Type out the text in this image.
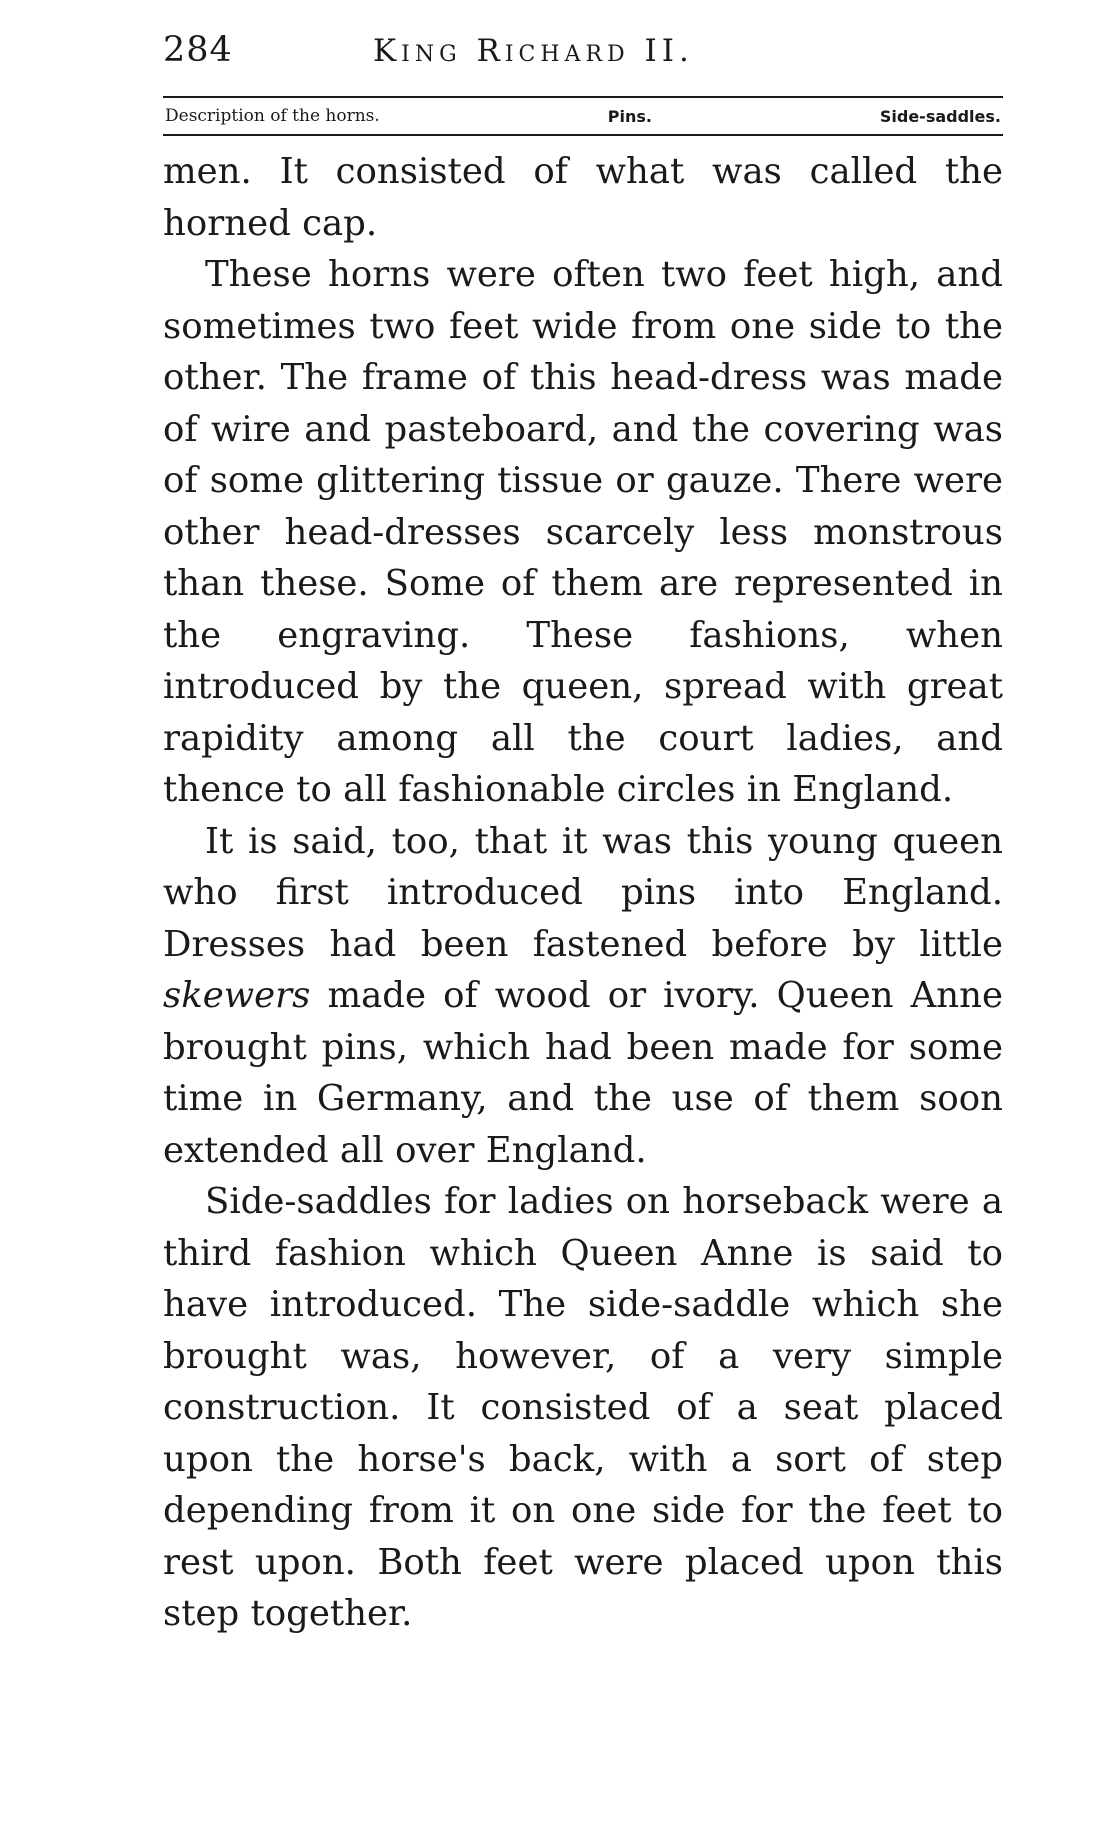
284	King Richard II.
Description of the horns.	Pins.	Side-saddles.

men. It consisted of what was called the horned cap.

These horns were often two feet high, and sometimes two feet wide from one side to the other. The frame of this head-dress was made of wire and pasteboard, and the covering was of some glittering tissue or gauze. There were other head-dresses scarcely less monstrous than these. Some of them are represented in the engraving. These fashions, when introduced by the queen, spread with great rapidity among all the court ladies, and thence to all fashionable circles in England.

It is said, too, that it was this young queen who first introduced pins into England. Dresses had been fastened before by little skewers made of wood or ivory. Queen Anne brought pins, which had been made for some time in Germany, and the use of them soon extended all over England.

Side-saddles for ladies on horseback were a third fashion which Queen Anne is said to have introduced. The side-saddle which she brought was, however, of a very simple construction. It consisted of a seat placed upon the horse's back, with a sort of step depending from it on one side for the feet to rest upon. Both feet were placed upon this step together.
